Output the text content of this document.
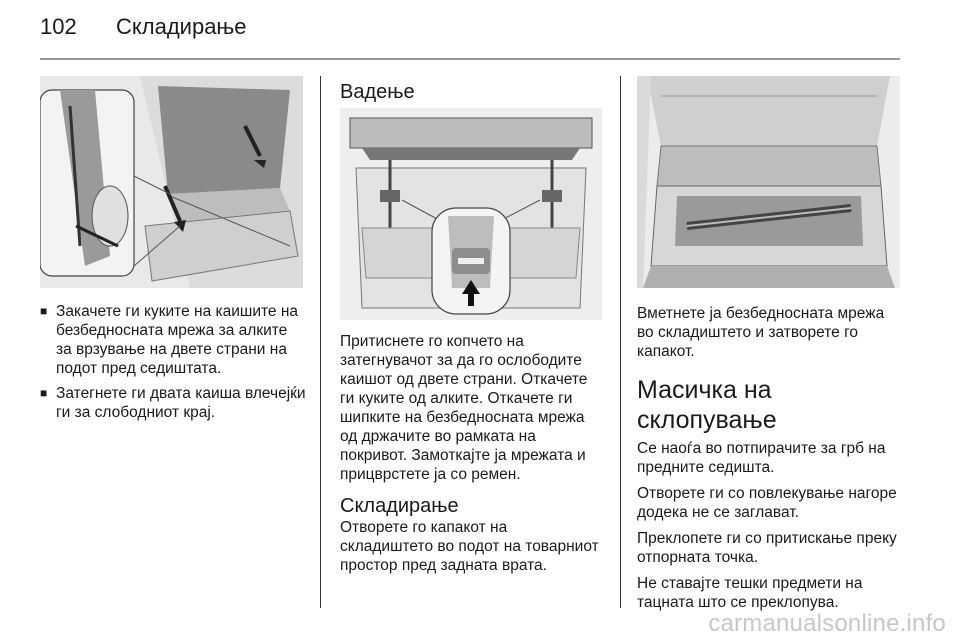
102	Складирање
■ Закачете ги куките на каишите на безбедносната мрежа за алките за врзување на двете страни на подот пред седиштата.
■ Затегнете ги двата каиша влечејќи ги за слободниот крај.
Вадење

Притиснете го копчето на затегнувачот за да го ослободите каишот од двете страни. Откачете ги куките од алките. Откачете ги шипките на безбедносната мрежа од држачите во рамката на покривот. Замоткајте ја мрежата и прицврстете ја со ремен.

Складирање

Отворете го капакот на складиштето во подот на товарниот простор пред задната врата.

Вметнете ја безбедносната мрежа во складиштето и затворете го капакот.

Масичка на склопување

Се наоѓа во потпирачите за грб на предните седишта.

Отворете ги со повлекување нагоре додека не се заглават.

Преклопете ги со притискање преку отпорната точка.

Не ставајте тешки предмети на тацната што се преклопува.

carmanualsonline.info
